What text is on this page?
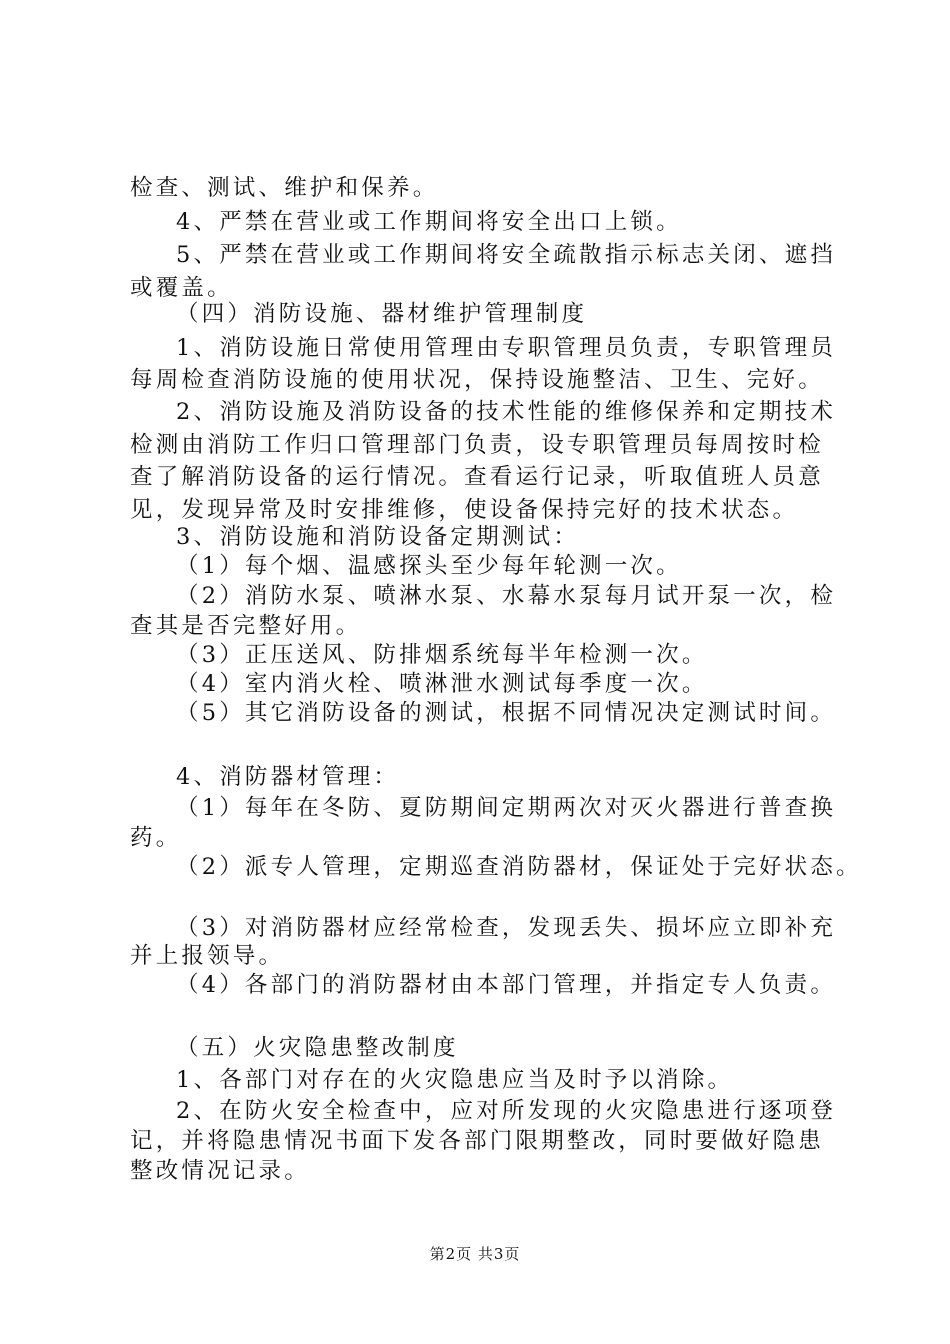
检查、测试、维护和保养。
4、严禁在营业或工作期间将安全出口上锁。
5、严禁在营业或工作期间将安全疏散指示标志关闭、遮挡
或覆盖。
（四）消防设施、器材维护管理制度
1、消防设施日常使用管理由专职管理员负责，专职管理员
每周检查消防设施的使用状况，保持设施整洁、卫生、完好。
2、消防设施及消防设备的技术性能的维修保养和定期技术
检测由消防工作归口管理部门负责，设专职管理员每周按时检
查了解消防设备的运行情况。查看运行记录，听取值班人员意
见，发现异常及时安排维修，使设备保持完好的技术状态。
3、消防设施和消防设备定期测试：
（1）每个烟、温感探头至少每年轮测一次。
（2）消防水泵、喷淋水泵、水幕水泵每月试开泵一次，检
查其是否完整好用。
（3）正压送风、防排烟系统每半年检测一次。
（4）室内消火栓、喷淋泄水测试每季度一次。
（5）其它消防设备的测试，根据不同情况决定测试时间。
4、消防器材管理：
（1）每年在冬防、夏防期间定期两次对灭火器进行普查换
药。
（2）派专人管理，定期巡查消防器材，保证处于完好状态。
（3）对消防器材应经常检查，发现丢失、损坏应立即补充
并上报领导。
（4）各部门的消防器材由本部门管理，并指定专人负责。
（五）火灾隐患整改制度
1、各部门对存在的火灾隐患应当及时予以消除。
2、在防火安全检查中，应对所发现的火灾隐患进行逐项登
记，并将隐患情况书面下发各部门限期整改，同时要做好隐患
整改情况记录。
第2页 共3页
